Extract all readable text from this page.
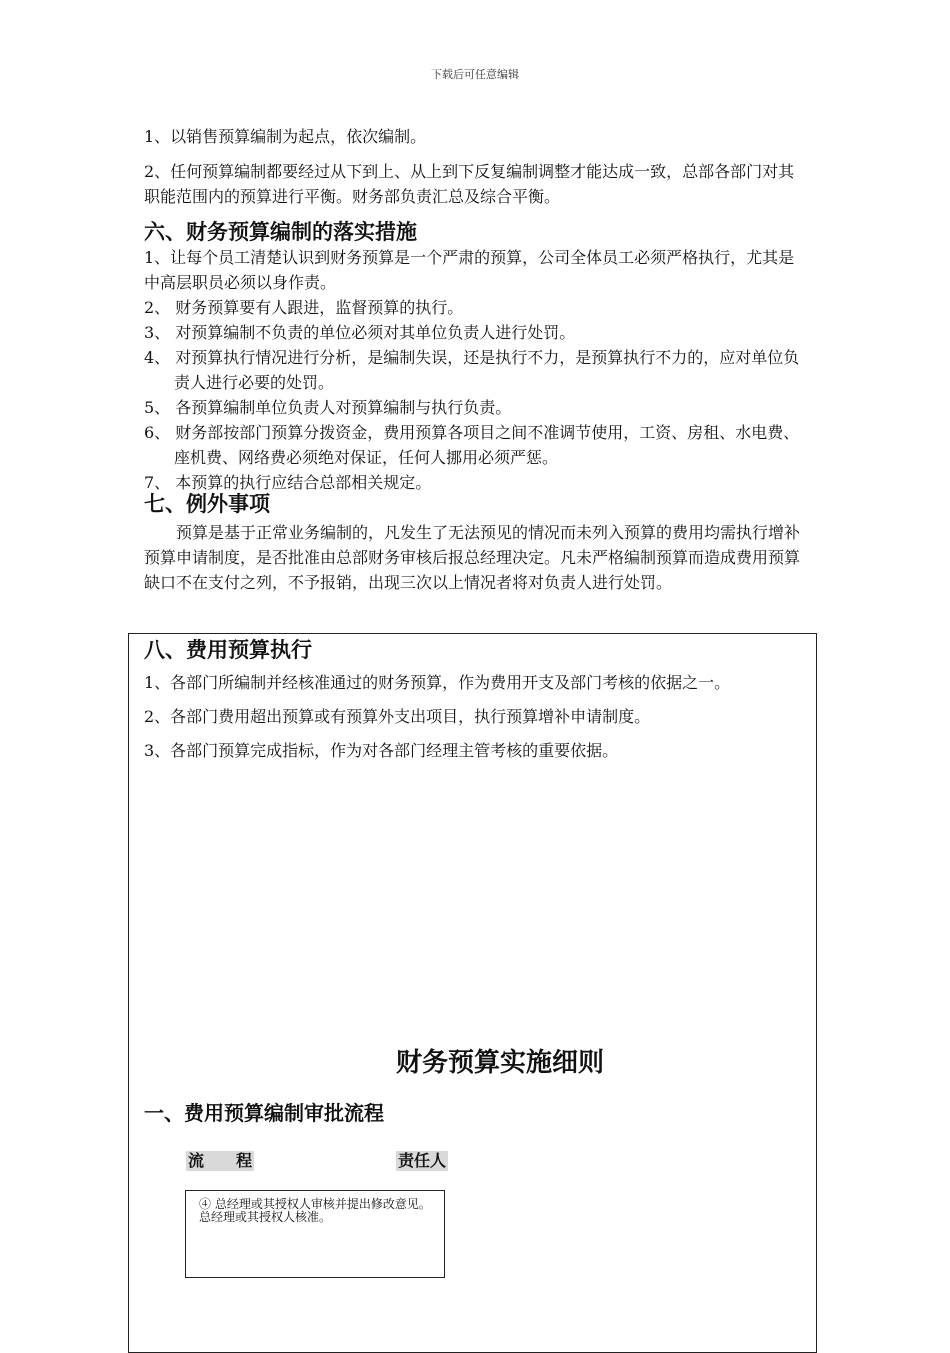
下载后可任意编辑

1、以销售预算编制为起点，依次编制。

2、任何预算编制都要经过从下到上、从上到下反复编制调整才能达成一致，总部各部门对其职能范围内的预算进行平衡。财务部负责汇总及综合平衡。

六、财务预算编制的落实措施

1、让每个员工清楚认识到财务预算是一个严肃的预算，公司全体员工必须严格执行，尤其是中高层职员必须以身作责。

2、 财务预算要有人跟进，监督预算的执行。

3、 对预算编制不负责的单位必须对其单位负责人进行处罚。

4、 对预算执行情况进行分析，是编制失误，还是执行不力，是预算执行不力的，应对单位负责人进行必要的处罚。

5、 各预算编制单位负责人对预算编制与执行负责。

6、 财务部按部门预算分拨资金，费用预算各项目之间不准调节使用，工资、房租、水电费、座机费、网络费必须绝对保证，任何人挪用必须严惩。

7、 本预算的执行应结合总部相关规定。

七、例外事项

预算是基于正常业务编制的，凡发生了无法预见的情况而未列入预算的费用均需执行增补预算申请制度，是否批准由总部财务审核后报总经理决定。凡未严格编制预算而造成费用预算缺口不在支付之列，不予报销，出现三次以上情况者将对负责人进行处罚。

八、费用预算执行

1、各部门所编制并经核准通过的财务预算，作为费用开支及部门考核的依据之一。

2、各部门费用超出预算或有预算外支出项目，执行预算增补申请制度。

3、各部门预算完成指标，作为对各部门经理主管考核的重要依据。

财务预算实施细则
一、费用预算编制审批流程
流　　程	责任人
④ 总经理或其授权人审核并提出修改意见。
总经理或其授权人核准。
